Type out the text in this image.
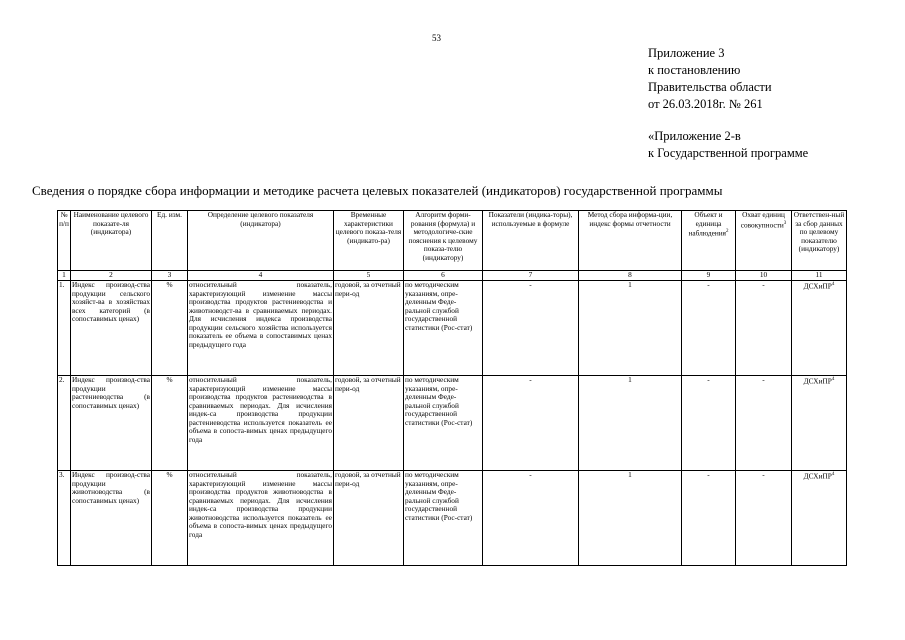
53
Приложение 3
к постановлению
Правительства области
от 26.03.2018г. № 261
«Приложение 2-в
к Государственной программе
Сведения о порядке сбора информации и методике расчета целевых показателей (индикаторов) государственной программы
№ п/п	Наименование целевого показате-ля (индикатора)	Ед. изм.	Определение целевого показателя (индикатора)	Временные характеристики целевого показа-теля (индикато-ра)	Алгоритм форми-рования (формула) и методологиче-ские пояснения к целевому показа-телю (индикатору)	Показатели (индика-торы), используемые в формуле	Метод сбора информа-ции, индекс формы отчетности	Объект и единица наблюдения$^2$	Охват единиц совокупности$^3$	Ответствен-ный за сбор данных по целевому показателю (индикатору)
1	2	3	4	5	6	7	8	9	10	11
1.	Индекс производ-ства продукции сельского хозяйст-ва в хозяйствах всех категорий (в сопоставимых ценах)	%	относительный показатель, характеризующий изменение массы производства продуктов растениеводства и животноводст-ва в сравниваемых периодах. Для исчисления индекса производства продукции сельского хозяйства используется показатель ее объема в сопоставимых ценах предыдущего года	годовой, за отчетный пери-од	по методическим указаниям, опре-деленным Феде-ральной службой государственной статистики (Рос-стат)	-	1	-	-	ДСХиПР$^4$
2.	Индекс производ-ства продукции растениеводства (в сопоставимых ценах)	%	относительный показатель, характеризующий изменение массы производства продуктов растениеводства в сравниваемых периодах. Для исчисления индек-са производства продукции растениеводства используется показатель ее объема в сопоста-вимых ценах предыдущего года	годовой, за отчетный пери-од	по методическим указаниям, опре-деленным Феде-ральной службой государственной статистики (Рос-стат)	-	1	-	-	ДСХиПР$^4$
3.	Индекс производ-ства продукции животноводства (в сопоставимых ценах)	%	относительный показатель, характеризующий изменение массы производства продуктов животноводства в сравниваемых периодах. Для исчисления индек-са производства продукции животноводства используется показатель ее объема в сопоста-вимых ценах предыдущего года	годовой, за отчетный пери-од	по методическим указаниям, опре-деленным Феде-ральной службой государственной статистики (Рос-стат)	-	1	-	-	ДСХиПР$^4$
